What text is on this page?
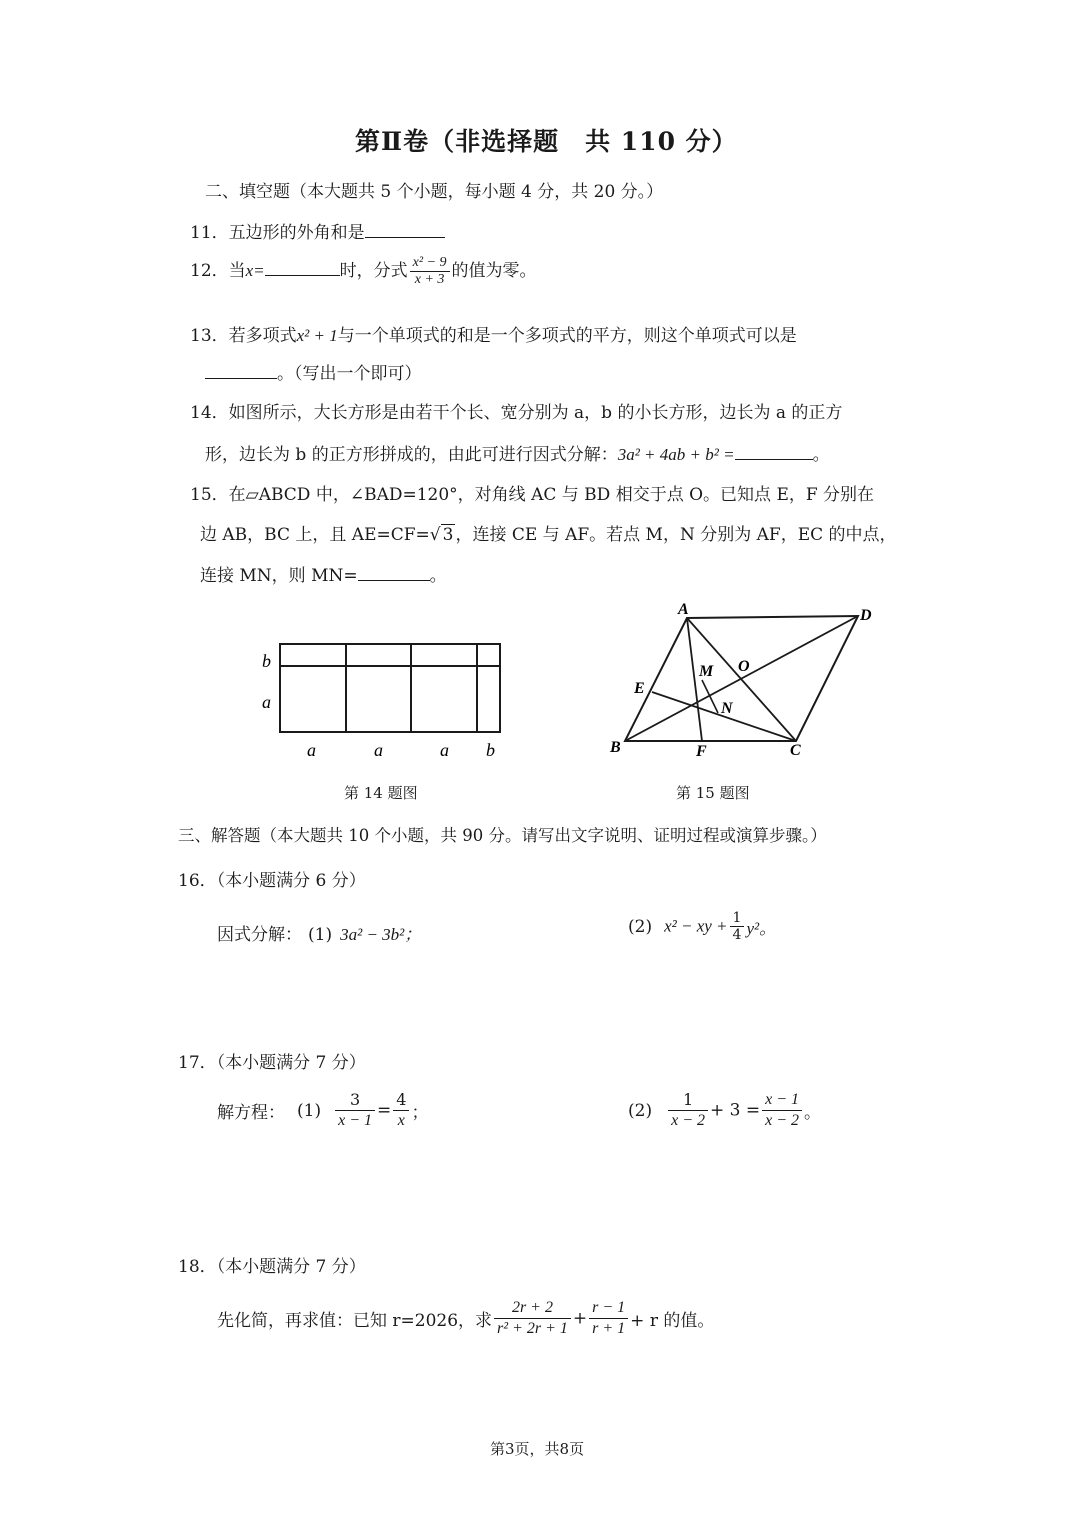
第Ⅱ卷（非选择题　共 110 分）
二、填空题（本大题共 5 个小题，每小题 4 分，共 20 分。）
11．五边形的外角和是
12．当x=	时，分式 $\frac{\text{x² − 9}}{x + 3}$ 的值为零。
13．若多项式x² + 1与一个单项式的和是一个多项式的平方，则这个单项式可以是
。（写出一个即可）
14．如图所示，大长方形是由若干个长、宽分别为 a，b 的小长方形，边长为 a 的正方
形，边长为 b 的正方形拼成的，由此可进行因式分解：3a² + 4ab + b² =	。
15．在▱ABCD 中，∠BAD=120°，对角线 AC 与 BD 相交于点 O。已知点 E，F 分别在
边 AB，BC 上，且 AE=CF=√ 3 ，连接 CE 与 AF。若点 M，N 分别为 AF，EC 的中点，
连接 MN，则 MN=	。
b
a
a	a	a b
第 14 题图
A	D
B	C
E
F
M
N
O
第 15 题图
三、解答题（本大题共 10 个小题，共 90 分。请写出文字说明、证明过程或演算步骤。）
16．（本小题满分 6 分）
因式分解： (1) 3a² − 3b²；	(2) x² − xy + $\frac{1}{4} y^2$。
17．（本小题满分 7 分）
解方程： $(1) \frac{3}{x - 1} = \frac{4}{x}$ ；	$(2) \frac{1}{x - 2} + 3 = \frac{x - 1}{x - 2}$ 。
18．（本小题满分 7 分）
先化简，再求值：已知 r=2026，求 $\frac{2r + 2}{\text{r² + 2r + 1}} + \frac{r - 1}{r + 1} + r$ 的值。
第3页，共8页
